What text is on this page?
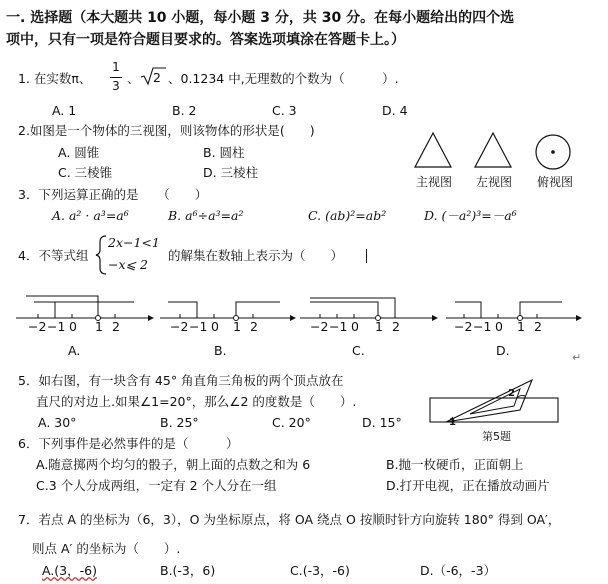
一. 选择题（本大题共 10 小题，每小题 3 分，共 30 分。在每小题给出的四个选
项中，只有一项是符合题目要求的。答案选项填涂在答题卡上。）
1. 在实数π、
1
3 、 2 、0.1234 中,无理数的个数为（　　　）.
A. 1	B. 2	C. 3	D. 4
2.如图是一个物体的三视图，则该物体的形状是(　　)
A. 圆锥	B. 圆柱
C. 三棱锥	D. 三棱柱
主视图 左视图 俯视图
3．下列运算正确的是　　（　　）
A. a² · a³=a⁶	B. a⁶÷a³=a²	C. (ab)²=ab²	D. (－a²)³=－a⁶
4．不等式组
2x−1<1
−x⩽ 2
的解集在数轴上表示为（　　）
−2 −1 0 1 2	−2 −1 0 1 2	−2 −1 0 1 2	−2 −1 0 1 2
A.	B.	C.	D.	↵
5．如右图，有一块含有 45° 角直角三角板的两个顶点放在
直尺的对边上.如果∠1=20°，那么∠2 的度数是（　　）.
A. 30°	B. 25°	C. 20°	D. 15°	1
2
第5题
6．下列事件是必然事件的是（　　　）
A.随意掷两个均匀的骰子，朝上面的点数之和为 6	B.抛一枚硬币，正面朝上
C.3 个人分成两组，一定有 2 个人分在一组	D.打开电视，正在播放动画片
7．若点 A 的坐标为（6，3），O 为坐标原点，将 OA 绕点 O 按顺时针方向旋转 180° 得到 OA′，
则点 A′ 的坐标为（　　）.
A.(3，-6)	B.(-3，6)	C.(-3，-6)	D.（-6，-3）
